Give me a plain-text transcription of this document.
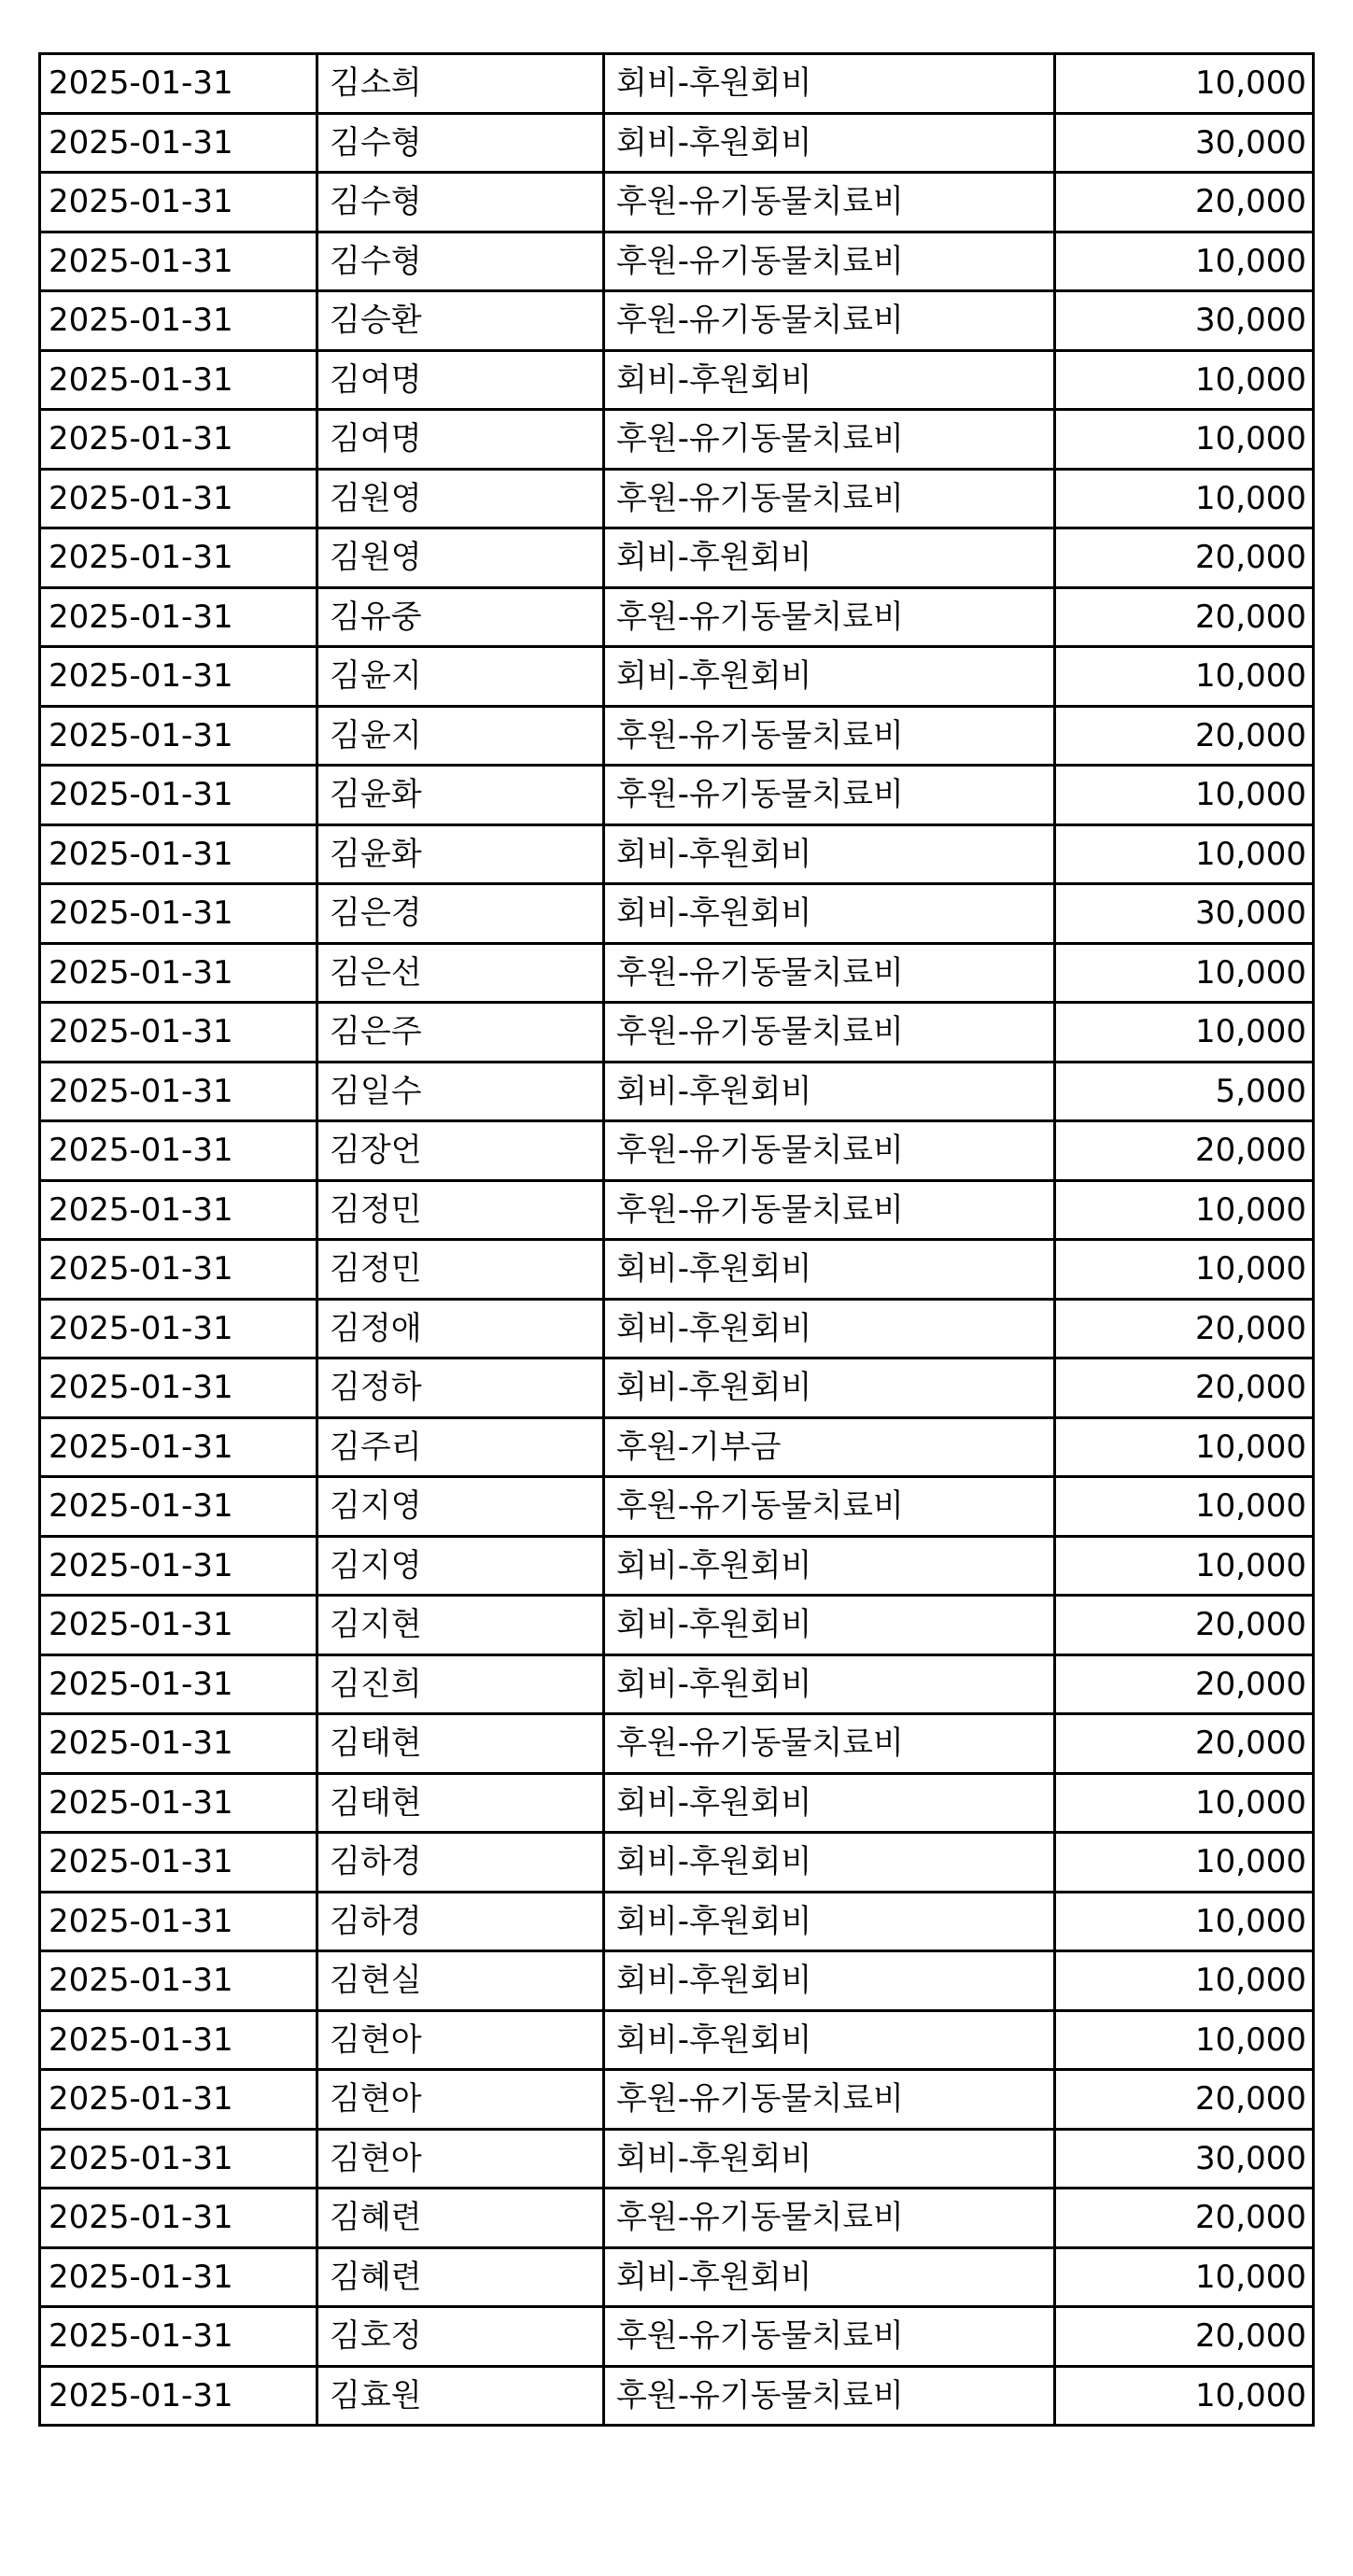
2025-01-31	김소희	회비-후원회비	10,000
2025-01-31	김수형	회비-후원회비	30,000
2025-01-31	김수형	후원-유기동물치료비	20,000
2025-01-31	김수형	후원-유기동물치료비	10,000
2025-01-31	김승환	후원-유기동물치료비	30,000
2025-01-31	김여명	회비-후원회비	10,000
2025-01-31	김여명	후원-유기동물치료비	10,000
2025-01-31	김원영	후원-유기동물치료비	10,000
2025-01-31	김원영	회비-후원회비	20,000
2025-01-31	김유중	후원-유기동물치료비	20,000
2025-01-31	김윤지	회비-후원회비	10,000
2025-01-31	김윤지	후원-유기동물치료비	20,000
2025-01-31	김윤화	후원-유기동물치료비	10,000
2025-01-31	김윤화	회비-후원회비	10,000
2025-01-31	김은경	회비-후원회비	30,000
2025-01-31	김은선	후원-유기동물치료비	10,000
2025-01-31	김은주	후원-유기동물치료비	10,000
2025-01-31	김일수	회비-후원회비	5,000
2025-01-31	김장언	후원-유기동물치료비	20,000
2025-01-31	김정민	후원-유기동물치료비	10,000
2025-01-31	김정민	회비-후원회비	10,000
2025-01-31	김정애	회비-후원회비	20,000
2025-01-31	김정하	회비-후원회비	20,000
2025-01-31	김주리	후원-기부금	10,000
2025-01-31	김지영	후원-유기동물치료비	10,000
2025-01-31	김지영	회비-후원회비	10,000
2025-01-31	김지현	회비-후원회비	20,000
2025-01-31	김진희	회비-후원회비	20,000
2025-01-31	김태현	후원-유기동물치료비	20,000
2025-01-31	김태현	회비-후원회비	10,000
2025-01-31	김하경	회비-후원회비	10,000
2025-01-31	김하경	회비-후원회비	10,000
2025-01-31	김현실	회비-후원회비	10,000
2025-01-31	김현아	회비-후원회비	10,000
2025-01-31	김현아	후원-유기동물치료비	20,000
2025-01-31	김현아	회비-후원회비	30,000
2025-01-31	김혜련	후원-유기동물치료비	20,000
2025-01-31	김혜련	회비-후원회비	10,000
2025-01-31	김호정	후원-유기동물치료비	20,000
2025-01-31	김효원	후원-유기동물치료비	10,000
